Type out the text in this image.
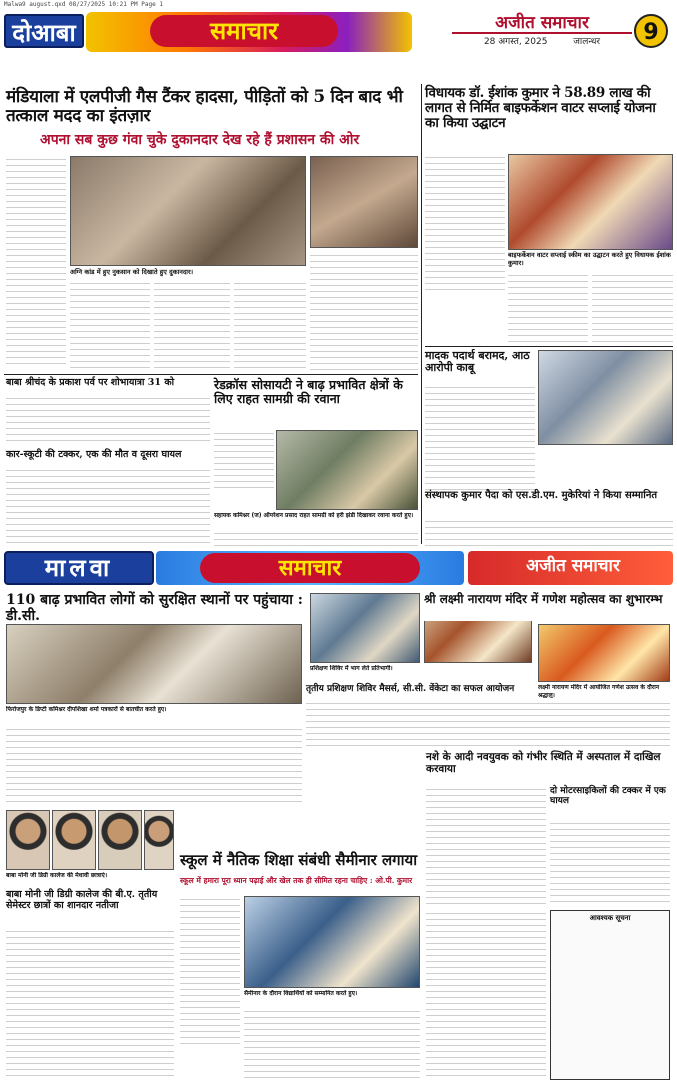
Malwa9 august.qxd 08/27/2025 10:21 PM Page 1
दोआबा	समाचार	अजीत समाचार
28 अगस्त, 2025	जालन्धर	9
मंडियाला में एलपीजी गैस टैंकर हादसा, पीड़ितों को 5 दिन बाद भी तत्काल मदद का इंतज़ार
अपना सब कुछ गंवा चुके दुकानदार देख रहे हैं प्रशासन की ओर
अग्नि कांड में हुए नुकसान को दिखाते हुए दुकानदार।
विधायक डॉ. ईशांक कुमार ने 58.89 लाख की लागत से निर्मित बाइफर्केशन वाटर सप्लाई योजना का किया उद्घाटन
बाइफर्केशन वाटर सप्लाई स्कीम का उद्घाटन करते हुए विधायक ईशांक कुमार।
बाबा श्रीचंद के प्रकाश पर्व पर शोभायात्रा 31 को
कार-स्कूटी की टक्कर, एक की मौत व दूसरा घायल
रेडक्रॉस सोसायटी ने बाढ़ प्रभावित क्षेत्रों के लिए राहत सामग्री की रवाना
सहायक कमिश्नर (ज) ऑपरेशन प्रसाद राहत सामग्री को हरी झंडी दिखाकर रवाना करते हुए।
मादक पदार्थ बरामद, आठ आरोपी काबू
संस्थापक कुमार पैदा को एस.डी.एम. मुकेरियां ने किया सम्मानित
मालवा	समाचार	अजीत समाचार
110 बाढ़ प्रभावित लोगों को सुरक्षित स्थानों पर पहुंचाया : डी.सी.
फिरोजपुर के डिप्टी कमिश्नर दीपशिखा शर्मा पत्रकारों से बातचीत करते हुए।
प्रशिक्षण शिविर में भाग लेते प्रतिभागी।
तृतीय प्रशिक्षण शिविर मैसर्स, सी.सी. वेंकेटा का सफल आयोजन
श्री लक्ष्मी नारायण मंदिर में गणेश महोत्सव का शुभारम्भ
लक्ष्मी नारायण मंदिर में आयोजित गणेश उत्सव के दौरान श्रद्धालु।
बाबा मोनी जी डिग्री कालेज की मेधावी छात्राएं।
बाबा मोनी जी डिग्री कालेज की बी.ए. तृतीय सेमेस्टर छात्रों का शानदार नतीजा
स्कूल में नैतिक शिक्षा संबंधी सैमीनार लगाया
स्कूल में हमारा पूरा ध्यान पढ़ाई और खेल तक ही सीमित रहना चाहिए : ओ.पी. कुमार
सैमीनार के दौरान विद्यार्थियों को सम्मानित करते हुए।
नशे के आदी नवयुवक को गंभीर स्थिति में अस्पताल में दाखिल करवाया
दो मोटरसाइकिलों की टक्कर में एक घायल
आवश्यक सूचना
